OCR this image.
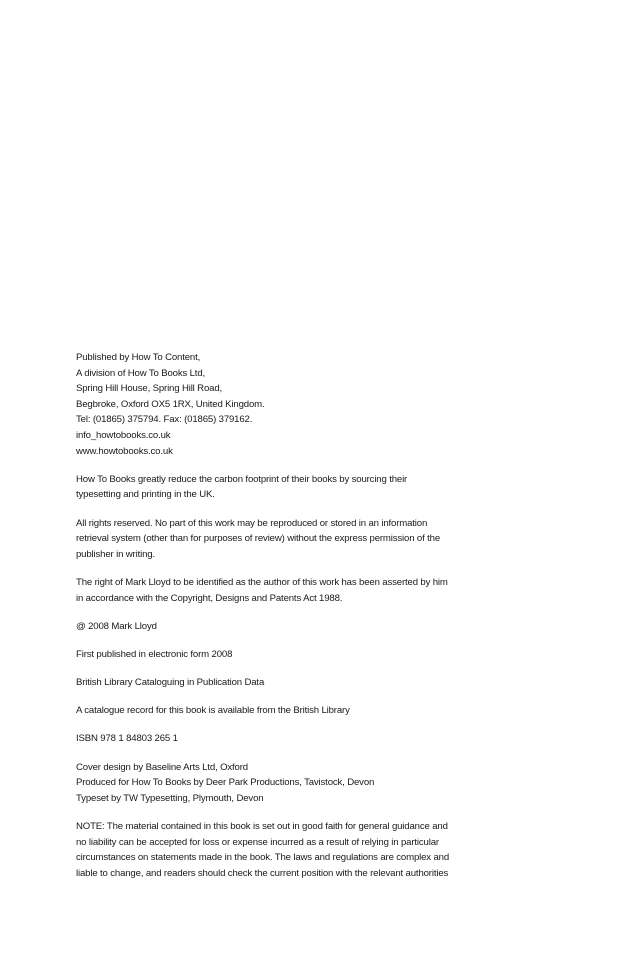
Published by How To Content,
A division of How To Books Ltd,
Spring Hill House, Spring Hill Road,
Begbroke, Oxford OX5 1RX, United Kingdom.
Tel: (01865) 375794. Fax: (01865) 379162.
info_howtobooks.co.uk
www.howtobooks.co.uk
How To Books greatly reduce the carbon footprint of their books by sourcing their
typesetting and printing in the UK.
All rights reserved. No part of this work may be reproduced or stored in an information
retrieval system (other than for purposes of review) without the express permission of the
publisher in writing.
The right of Mark Lloyd to be identified as the author of this work has been asserted by him
in accordance with the Copyright, Designs and Patents Act 1988.
@ 2008 Mark Lloyd
First published in electronic form 2008
British Library Cataloguing in Publication Data
A catalogue record for this book is available from the British Library
ISBN 978 1 84803 265 1
Cover design by Baseline Arts Ltd, Oxford
Produced for How To Books by Deer Park Productions, Tavistock, Devon
Typeset by TW Typesetting, Plymouth, Devon
NOTE: The material contained in this book is set out in good faith for general guidance and
no liability can be accepted for loss or expense incurred as a result of relying in particular
circumstances on statements made in the book. The laws and regulations are complex and
liable to change, and readers should check the current position with the relevant authorities
